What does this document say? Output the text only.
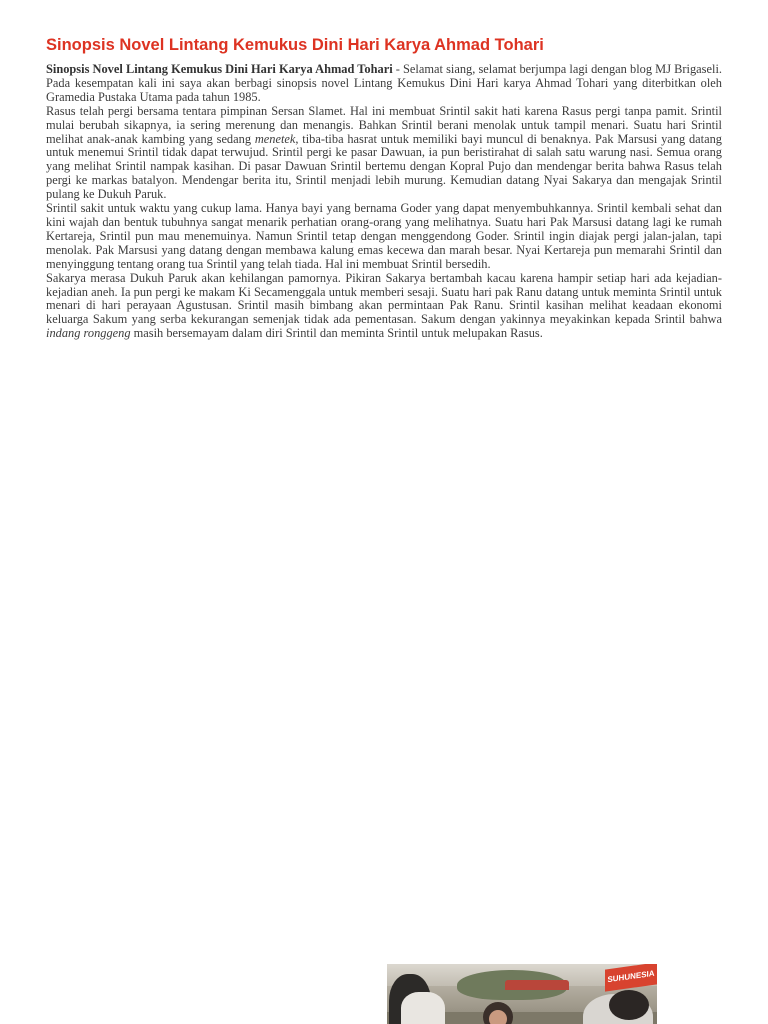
Sinopsis Novel Lintang Kemukus Dini Hari Karya Ahmad Tohari

Sinopsis Novel Lintang Kemukus Dini Hari Karya Ahmad Tohari - Selamat siang, selamat berjumpa lagi dengan blog MJ Brigaseli. Pada kesempatan kali ini saya akan berbagi sinopsis novel Lintang Kemukus Dini Hari karya Ahmad Tohari yang diterbitkan oleh Gramedia Pustaka Utama pada tahun 1985.

Rasus telah pergi bersama tentara pimpinan Sersan Slamet. Hal ini membuat Srintil sakit hati karena Rasus pergi tanpa pamit. Srintil mulai berubah sikapnya, ia sering merenung dan menangis. Bahkan Srintil berani menolak untuk tampil menari. Suatu hari Srintil melihat anak-anak kambing yang sedang menetek, tiba-tiba hasrat untuk memiliki bayi muncul di benaknya. Pak Marsusi yang datang untuk menemui Srintil tidak dapat terwujud. Srintil pergi ke pasar Dawuan, ia pun beristirahat di salah satu warung nasi. Semua orang yang melihat Srintil nampak kasihan. Di pasar Dawuan Srintil bertemu dengan Kopral Pujo dan mendengar berita bahwa Rasus telah pergi ke markas batalyon. Mendengar berita itu, Srintil menjadi lebih murung. Kemudian datang Nyai Sakarya dan mengajak Srintil pulang ke Dukuh Paruk.

Srintil sakit untuk waktu yang cukup lama. Hanya bayi yang bernama Goder yang dapat menyembuhkannya. Srintil kembali sehat dan kini wajah dan bentuk tubuhnya sangat menarik perhatian orang-orang yang melihatnya. Suatu hari Pak Marsusi datang lagi ke rumah Kertareja, Srintil pun mau menemuinya. Namun Srintil tetap dengan menggendong Goder. Srintil ingin diajak pergi jalan-jalan, tapi menolak. Pak Marsusi yang datang dengan membawa kalung emas kecewa dan marah besar. Nyai Kertareja pun memarahi Srintil dan menyinggung tentang orang tua Srintil yang telah tiada. Hal ini membuat Srintil bersedih.

Sakarya merasa Dukuh Paruk akan kehilangan pamornya. Pikiran Sakarya bertambah kacau karena hampir setiap hari ada kejadian-kejadian aneh. Ia pun pergi ke makam Ki Secamenggala untuk memberi sesaji. Suatu hari pak Ranu datang untuk meminta Srintil untuk menari di hari perayaan Agustusan. Srintil masih bimbang akan permintaan Pak Ranu. Srintil kasihan melihat keadaan ekonomi keluarga Sakum yang serba kekurangan semenjak tidak ada pementasan. Sakum dengan yakinnya meyakinkan kepada Srintil bahwa indang ronggeng masih bersemayam dalam diri Srintil dan meminta Srintil untuk melupakan Rasus.

SUHUNESIA
